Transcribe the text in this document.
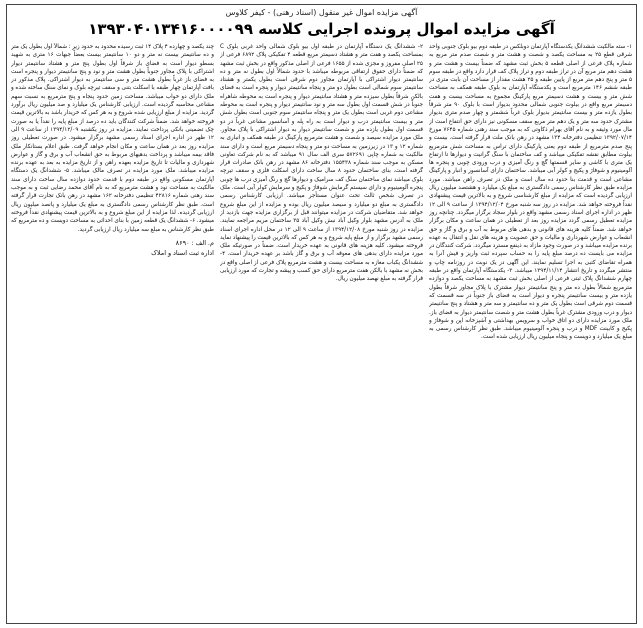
آگهی مزایده اموال غیر منقول (اسناد رهنی) - کیفر کلاوس
آگهی مزایده اموال پرونده اجرایی کلاسه ۱۳۹۳۰۴۰۱۳۴۱۶۰۰۰۰۹۹
۱- سته مالکیت ششدانگ یکدستگاه آپارتمان دوبلکس در طبقه دوم بیو بلوک جنوبی واحد شرقی قطع ۲۵ به مساحت یکصد و شصت و هشت متر و شصت صدم متر مربع به شماره پلاک فرعی از اصلی قطعه ۵ بخش ثبت مشهد که ضمناً بیست و هشت متر و هشت دهم متر مربع آن در تراز طبقه دوم و تراز پلاک کف قرار دارد واقع در طبقه سوم ۵ متر و پنج دهم متر مربع از پایین طبقه و ۲۵ هشت مقدار از مساحت آن بابت متری در طبقه ششم ۱۴۶ مترمربع است و یکدستگاه آپارتمان به بلوک طبقه همکف به مساحت شش متر و بیست و هشت دسیمتر مربع پارکینگ مجموع به مساحت بیست و هفت دسیمتر مربع واقع در بیلوت جنوبی شمالی محدود بدیوار است با بلوک ۹۰ متر شرقاً بطول یازده متر و بیست سانتیمتر بدیوار بلوک غرباً ششمتر و چهار صدم متری بدیوار مشترک حدود سه متر و یک دهم متر مربع سقف مسکونی نیز دارای حق انتفاع است از مال مورد وثیقه و به نام آقای بهرام ذکاوتی که به موجب سند رهنی شماره ۷۶۴۵ مورخ ۱۳۹۲/۰۷/۱۴ تنظیمی دفترخانه ۱۳۴ مشهد در رهن بانک ملت قرار گرفته است. بیست و پنج صدم مترمربع از طبقه دوم یعنی پارکینگ دارای تراس به مساحت شش مترمربع بیلوت مطابق نقشه تفکیکی میباشد و کف ساختمان با سنگ گرانیت و دیوارها تا ارتفاع یک متری با کاشی و سایر قسمتها گچ و رنگ آمیزی و درب ورودی چوبی و پنجره ها آلومینیوم و شوفاژ و پکیج و کولر آبی میباشد. ساختمان دارای آسانسور و انبار و پارکینگ مشاعی است و قدمت بنا حدود ده سال است و ملک در تصرف راهن میباشد. مورد مزایده طبق نظر کارشناس رسمی دادگستری به مبلغ یک میلیارد و هشتصد میلیون ریال ارزیابی گردیده است که مزایده از مبلغ کارشناسی شروع و به بالاترین قیمت پیشنهادی نقداً فروخته خواهد شد. مزایده در روز سه شنبه مورخ ۱۳۹۴/۱۲/۰۴ از ساعت ۹ الی ۱۲ ظهر در اداره اجرای اسناد رسمی مشهد واقع در بلوار سجاد برگزار میگردد. چنانچه روز مزایده تعطیل رسمی گردد مزایده روز بعد از تعطیلی در همان ساعت و مکان برگزار خواهد شد. ضمناً کلیه هزینه های قانونی و بدهی های مربوط به آب و برق و گاز و حق انشعاب و عوارض شهرداری و مالیات و حق عضویت و هزینه های نقل و انتقال به عهده برنده مزایده میباشد و در صورت وجود مازاد به ذینفع مسترد میگردد. شرکت کنندگان در مزایده می بایست ده درصد مبلغ پایه را به حساب سپرده ثبت واریز و فیش آنرا به همراه تقاضای کتبی به اجرا تسلیم نمایند. این آگهی در یک نوبت در روزنامه چاپ و منتشر میگردد و تاریخ انتشار ۱۳۹۴/۱۱/۱۴ میباشد. ۳- یکدستگاه آپارتمان واقع در طبقه چهارم ششدانگ پلاک ثبتی فرعی از اصلی بخش ثبت مشهد به مساحت یکصد و دوازده مترمربع شمالاً بطول ده متر و پنج سانتیمتر دیوار مشترک با پلاک مجاور شرقاً بطول یازده متر و بیست سانتیمتر پنجره و دیوار است به فضای باز جنوباً در سه قسمت که قسمت دوم شرقی است بطول یک متر و ده سانتیمتر و سه متر و هشتاد و پنج سانتیمتر دیوار و درب ورودی مشترک غرباً بطول هشت متر و شصت سانتیمتر دیوار به فضای باز. ملک مورد مزایده دارای دو اتاق خواب و سرویس بهداشتی و آشپزخانه اپن و شوفاژ و پکیج و کابینت MDF و درب و پنجره آلومینیوم میباشد. طبق نظر کارشناس رسمی به مبلغ یک میلیارد و دویست و پنجاه میلیون ریال ارزیابی شده است.
۲- ششدانگ یک دستگاه آپارتمان در طبقه اول بیو بلوک شمالی واحد غربی بلوک C بمساحت یکصد و هفت متر و هشتاد دسیمتر مربع قطعه ۴ تفکیکی پلاک ۶۸۹۲ فرعی از ۲۵ اصلی مفروز و مجزی شده از ۱۶۵۵ فرعی از اصلی مذکور واقع در بخش ثبت مشهد که ضمناً دارای حقوق ارتفاقی مربوطه میباشد با حدود شمالاً اول بطول نه متر و ده سانتیمتر دیوار اشتراکی با آپارتمان مجاور دوم شرقی است بطول یکمتر و هشتاد سانتیمتر سوم شمالی است بطول دو متر و پنجاه سانتیمتر دیوار و پنجره است به فضای بالکن شرقاً بطول سیزده متر و هشتاد سانتیمتر دیوار و پنجره است به محوطه شاهراه جنوباً در شش قسمت اول بطول سه متر و نود سانتیمتر دیوار و پنجره است به محوطه مشاعی دوم غربی است بطول یک متر و پنجاه سانتیمتر سوم جنوبی است بطول شش متر و بیست سانتیمتر درب و دیوار است به راه پله و آسانسور مشاعی غرباً در دو قسمت اول بطول یازده متر و شصت سانتیمتر دیوار به دیوار اشتراکی با پلاک مجاور. ملک مورد مزایده سیصد و شصت و هشت مترمربع پارکینگ در طبقه همکف و انباری به شماره ۱۲ و ۱۳ در زیرزمین به مساحت دو متر و پنجاه دسیمتر مربع است و دارای سند مالکیت به شماره چاپی ۵۷۲۶۹۱ سری الف سال ۹۱ میباشد که به نام شرکت تعاونی مسکن به موجب سند شماره ۱۵۵۴۳۸ دفترخانه ۸۶ مشهد در رهن بانک صادرات قرار گرفته است. بنای ساختمان حدود ۸ سال ساخت دارای اسکلت فلزی و سقف تیرچه بلوک میباشد نمای ساختمان سنگ کف سرامیک و دیوارها گچ و رنگ آمیزی درب ها چوبی پنجره آلومینیوم و دارای سیستم گرمایش شوفاژ و پکیج و سرمایش کولر آبی است. ملک در تصرف شخص ثالث تحت عنوان مستأجر میباشد. ارزیابی کارشناس رسمی دادگستری به مبلغ دو میلیارد و سیصد میلیون ریال بوده و مزایده از این مبلغ شروع خواهد شد. متقاضیان شرکت در مزایده میتوانند قبل از برگزاری مزایده جهت بازدید از ملک به آدرس مشهد بلوار وکیل آباد نبش وکیل آباد ۳۵ ساختمان مریم مراجعه نمایند. مزایده در روز شنبه مورخ ۱۳۹۴/۱۲/۰۸ از ساعت ۹ الی ۱۲ در محل اداره اجرای اسناد رسمی مشهد برگزار و از مبلغ پایه شروع و به هر کس که بالاترین قیمت را پیشنهاد نماید فروخته میشود. کلیه هزینه های قانونی به عهده خریدار است. ضمناً در صورتیکه ملک مورد مزایده دارای بدهی های معوقه آب و برق و گاز باشد بر عهده خریدار است. ۴- ششدانگ یکباب مغازه به مساحت بیست و هشت مترمربع پلاک فرعی از اصلی واقع در بخش نه مشهد با بالکن هفت مترمربع دارای حق کسب و پیشه و تجارت که مورد ارزیابی قرار گرفته به مبلغ نهصد میلیون ریال.
چند یکصد و چهارده ۴ پلاک ۱۴ ثبت رسیده محدود به حدود زیر : شمالاً اول بطول یک متر و ده سانتیمتر بیست نه متر و دو ۱۰ سانتیمتر بیست بعضاً جبهات ۱۶ متری به شهید بسطو دیوار است به فضای باز شرقاً اول بطول پنج متر و هشتاد سانتیمتر دیوار اشتراکی با پلاک مجاور جنوباً بطول هشت متر و نود و پنج سانتیمتر دیوار و پنجره است به فضای باز غرباً بطول هشت متر و سی سانتیمتر به دیوار اشتراکی. پلاک مذکور در بافت آپارتمان چهار طبقه با اسکلت بتنی و سقف تیرچه بلوک و نمای سنگ ساخته شده و ملک دارای دو خواب میباشد. مساحت زمین حدود پنجاه و پنج مترمربع به نسبت سهم مشاعی محاسبه گردیده است. ارزیابی کارشناس یک میلیارد و صد میلیون ریال برآورد گردید. مزایده از مبلغ ارزیابی شده شروع و به هر کس که خریدار باشد به بالاترین قیمت فروخته خواهد شد. ضمناً شرکت کنندگان باید ده درصد از مبلغ پایه را نقداً یا به صورت چک تضمینی بانکی پرداخت نمایند. مزایده در روز یکشنبه ۱۳۹۴/۱۲/۰۹ از ساعت ۹ الی ۱۲ ظهر در اداره اجرای اسناد رسمی مشهد برگزار میشود. در صورت تعطیلی روز مزایده روز بعد در همان ساعت و مکان انجام خواهد گرفت. طبق اعلام بستانکار ملک فاقد بیمه میباشد و پرداخت بدهیهای مربوط به حق انشعاب آب و برق و گاز و عوارض شهرداری و مالیات تا تاریخ مزایده بعهده راهن و از تاریخ مزایده به بعد به عهده برنده مزایده میباشد. ملک مورد مزایده در تصرف مالک میباشد. ۵- ششدانگ یک دستگاه آپارتمان مسکونی واقع در طبقه دوم با قدمت حدود دوازده سال ساخت دارای سند مالکیت به مساحت نود و هشت مترمربع که به نام آقای محمد رضایی ثبت و به موجب سند رهنی شماره ۴۲۸۱۶ تنظیمی دفترخانه ۱۶۲ مشهد در رهن بانک تجارت قرار گرفته است. طبق نظر کارشناس رسمی دادگستری به مبلغ یک میلیارد و پانصد میلیون ریال ارزیابی گردیده. لذا مزایده از این مبلغ شروع و به بالاترین قیمت پیشنهادی نقداً فروخته میشود. ۶- ششدانگ یک قطعه زمین با بنای احداثی به مساحت دویست و ده مترمربع که طبق نظر کارشناس به مبلغ سه میلیارد ریال ارزیابی گردید.
م. الف : ۸۶۹۰
اداره ثبت اسناد و املاک
